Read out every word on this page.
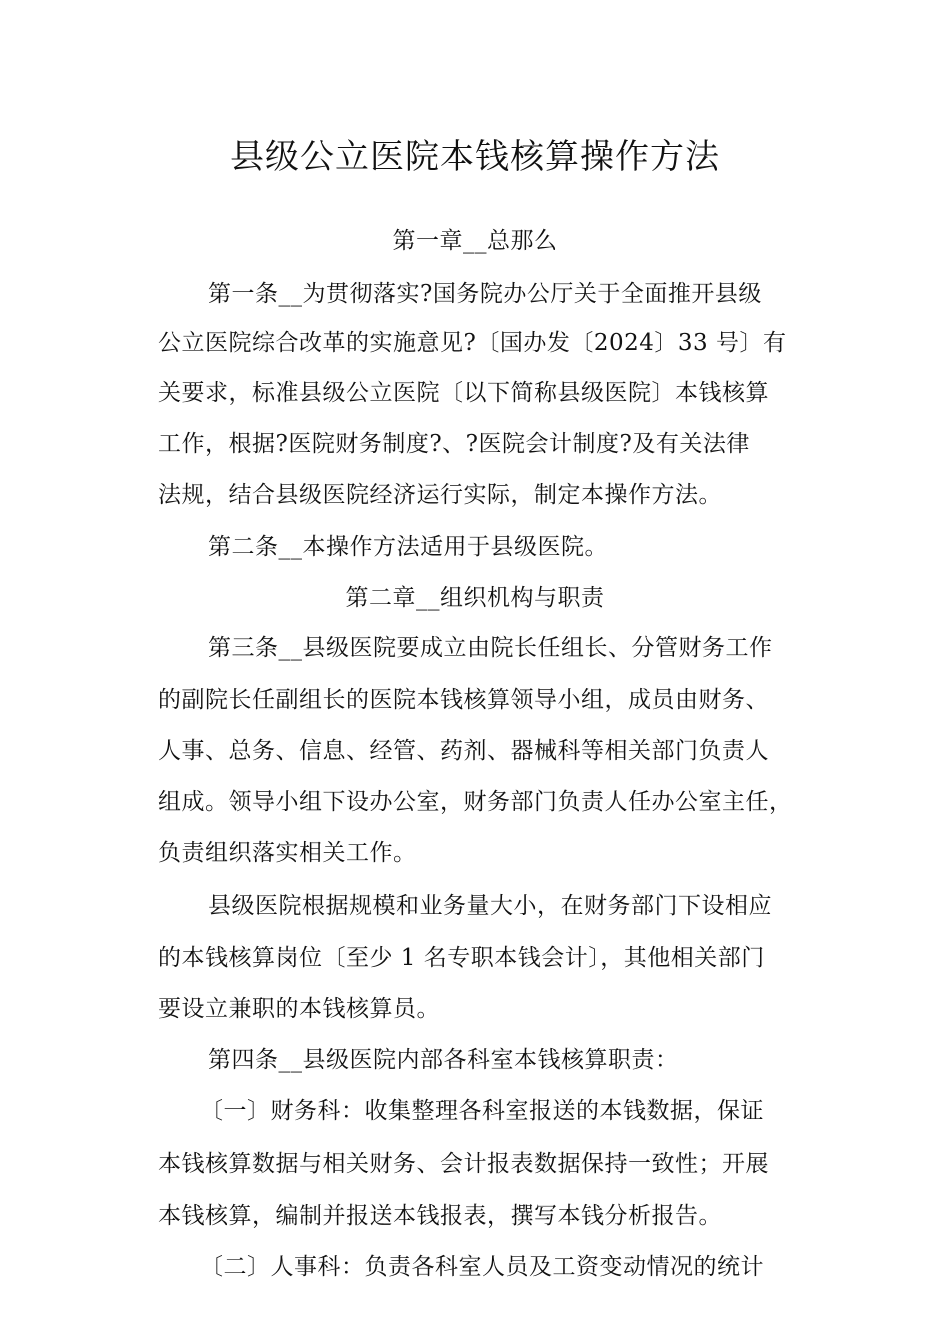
县级公立医院本钱核算操作方法
第一章__总那么
第一条__为贯彻落实?国务院办公厅关于全面推开县级
公立医院综合改革的实施意见?〔国办发〔2024〕33 号〕有
关要求，标准县级公立医院〔以下简称县级医院〕本钱核算
工作，根据?医院财务制度?、?医院会计制度?及有关法律
法规，结合县级医院经济运行实际，制定本操作方法。
第二条__本操作方法适用于县级医院。
第二章__组织机构与职责
第三条__县级医院要成立由院长任组长、分管财务工作
的副院长任副组长的医院本钱核算领导小组，成员由财务、
人事、总务、信息、经管、药剂、器械科等相关部门负责人
组成。领导小组下设办公室，财务部门负责人任办公室主任，
负责组织落实相关工作。
县级医院根据规模和业务量大小，在财务部门下设相应
的本钱核算岗位〔至少 1 名专职本钱会计〕，其他相关部门
要设立兼职的本钱核算员。
第四条__县级医院内部各科室本钱核算职责：
〔一〕财务科：收集整理各科室报送的本钱数据，保证
本钱核算数据与相关财务、会计报表数据保持一致性；开展
本钱核算，编制并报送本钱报表，撰写本钱分析报告。
〔二〕人事科：负责各科室人员及工资变动情况的统计
